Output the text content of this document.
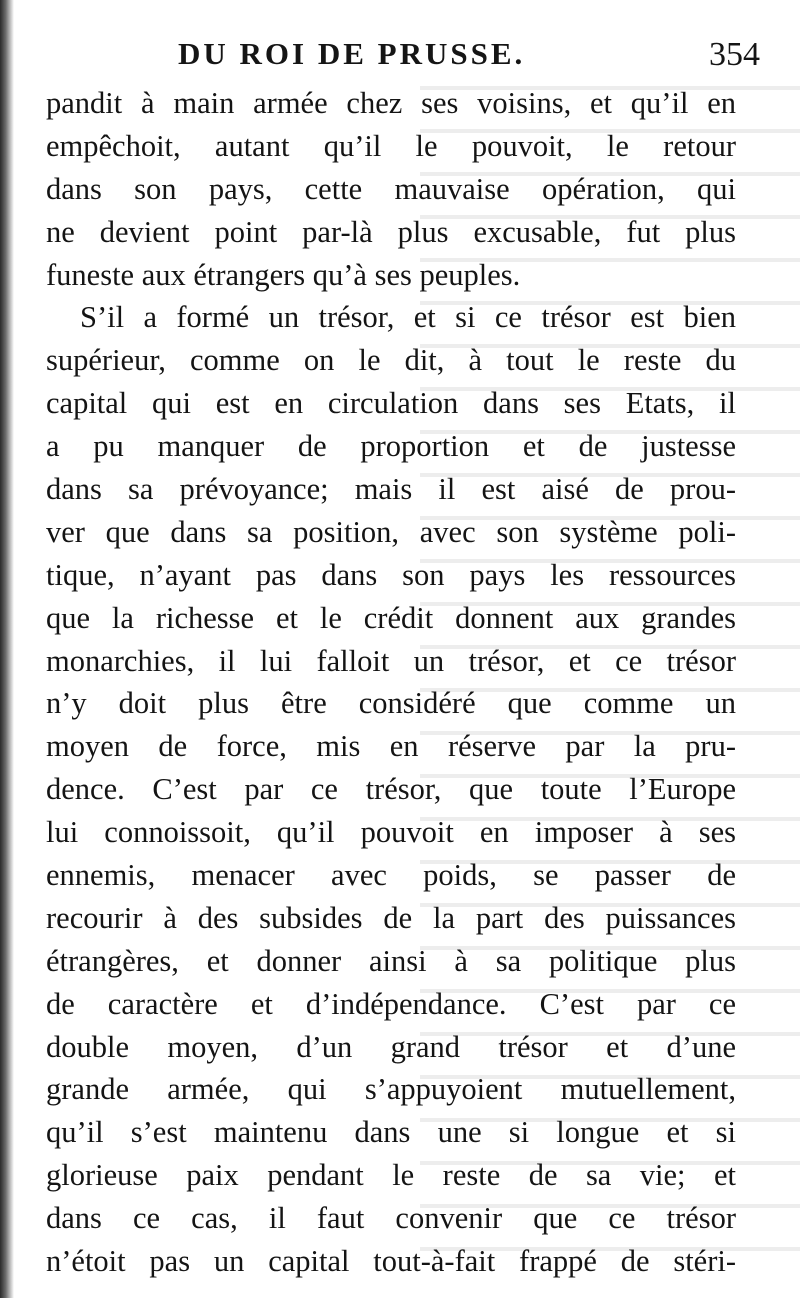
DU ROI DE PRUSSE.	354
pandit à main armée chez ses voisins, et qu’il en
empêchoit, autant qu’il le pouvoit, le retour
dans son pays, cette mauvaise opération, qui
ne devient point par-là plus excusable, fut plus
funeste aux étrangers qu’à ses peuples.
S’il a formé un trésor, et si ce trésor est bien
supérieur, comme on le dit, à tout le reste du
capital qui est en circulation dans ses Etats, il
a pu manquer de proportion et de justesse
dans sa prévoyance; mais il est aisé de prou-
ver que dans sa position, avec son système poli-
tique, n’ayant pas dans son pays les ressources
que la richesse et le crédit donnent aux grandes
monarchies, il lui falloit un trésor, et ce trésor
n’y doit plus être considéré que comme un
moyen de force, mis en réserve par la pru-
dence. C’est par ce trésor, que toute l’Europe
lui connoissoit, qu’il pouvoit en imposer à ses
ennemis, menacer avec poids, se passer de
recourir à des subsides de la part des puissances
étrangères, et donner ainsi à sa politique plus
de caractère et d’indépendance. C’est par ce
double moyen, d’un grand trésor et d’une
grande armée, qui s’appuyoient mutuellement,
qu’il s’est maintenu dans une si longue et si
glorieuse paix pendant le reste de sa vie; et
dans ce cas, il faut convenir que ce trésor
n’étoit pas un capital tout-à-fait frappé de stéri-
